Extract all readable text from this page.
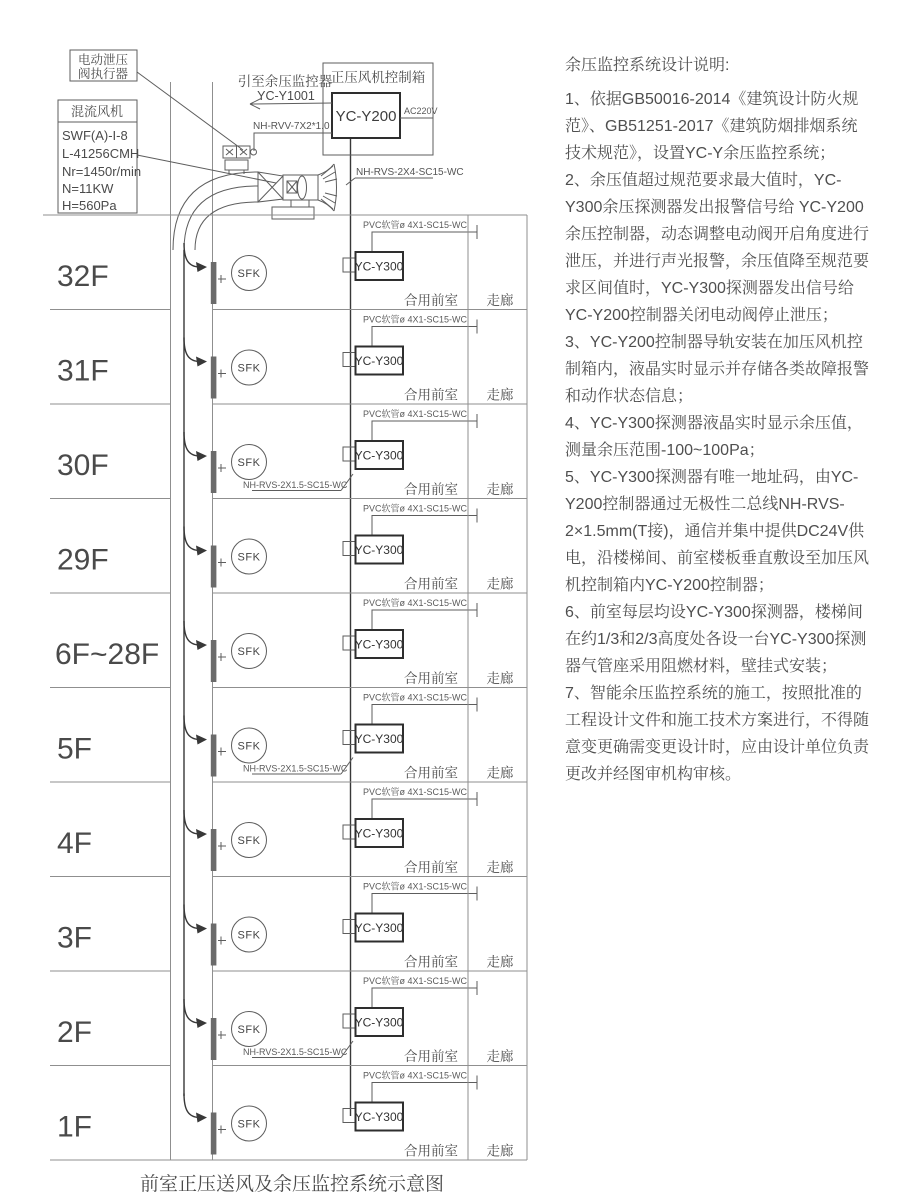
电动泄压
阀执行器
混流风机
SWF(A)-I-8
L-41256CMH
Nr=1450r/min
N=11KW
H=560Pa
正压风机控制箱
YC-Y200 AC220V
引至余压监控器
YC-Y1001
NH-RVV-7X2*1.0
NH-RVS-2X4-SC15-WC
32F	SFK
PVC软管ø 4X1-SC15-WC
YC-Y300
合用前室 走廊
31F	SFK
PVC软管ø 4X1-SC15-WC
YC-Y300
合用前室 走廊
30F	SFK
PVC软管ø 4X1-SC15-WC
YC-Y300
NH-RVS-2X1.5-SC15-WC	合用前室 走廊
29F	SFK
PVC软管ø 4X1-SC15-WC
YC-Y300
合用前室 走廊
6F~28F	SFK
PVC软管ø 4X1-SC15-WC
YC-Y300
合用前室 走廊
5F	SFK
PVC软管ø 4X1-SC15-WC
YC-Y300
NH-RVS-2X1.5-SC15-WC	合用前室 走廊
4F	SFK
PVC软管ø 4X1-SC15-WC
YC-Y300
合用前室 走廊
3F	SFK
PVC软管ø 4X1-SC15-WC
YC-Y300
合用前室 走廊
2F	SFK
PVC软管ø 4X1-SC15-WC
YC-Y300
NH-RVS-2X1.5-SC15-WC	合用前室 走廊
1F	SFK
PVC软管ø 4X1-SC15-WC
YC-Y300
合用前室 走廊
前室正压送风及余压监控系统示意图

余压监控系统设计说明:

1、依据GB50016-2014《建筑设计防火规范》、GB51251-2017《建筑防烟排烟系统技术规范》，设置YC-Y余压监控系统；

2、余压值超过规范要求最大值时，YC-Y300余压探测器发出报警信号给 YC-Y200余压控制器，动态调整电动阀开启角度进行泄压，并进行声光报警，余压值降至规范要求区间值时，YC-Y300探测器发出信号给YC-Y200控制器关闭电动阀停止泄压；

3、YC-Y200控制器导轨安装在加压风机控制箱内，液晶实时显示并存储各类故障报警和动作状态信息；

4、YC-Y300探测器液晶实时显示余压值，测量余压范围-100~100Pa；

5、YC-Y300探测器有唯一地址码，由YC-Y200控制器通过无极性二总线NH-RVS-2×1.5mm(T接)，通信并集中提供DC24V供电，沿楼梯间、前室楼板垂直敷设至加压风机控制箱内YC-Y200控制器；

6、前室每层均设YC-Y300探测器，楼梯间在约1/3和2/3高度处各设一台YC-Y300探测器气管座采用阻燃材料，壁挂式安装；

7、智能余压监控系统的施工，按照批准的工程设计文件和施工技术方案进行，不得随意变更确需变更设计时，应由设计单位负责更改并经图审机构审核。
